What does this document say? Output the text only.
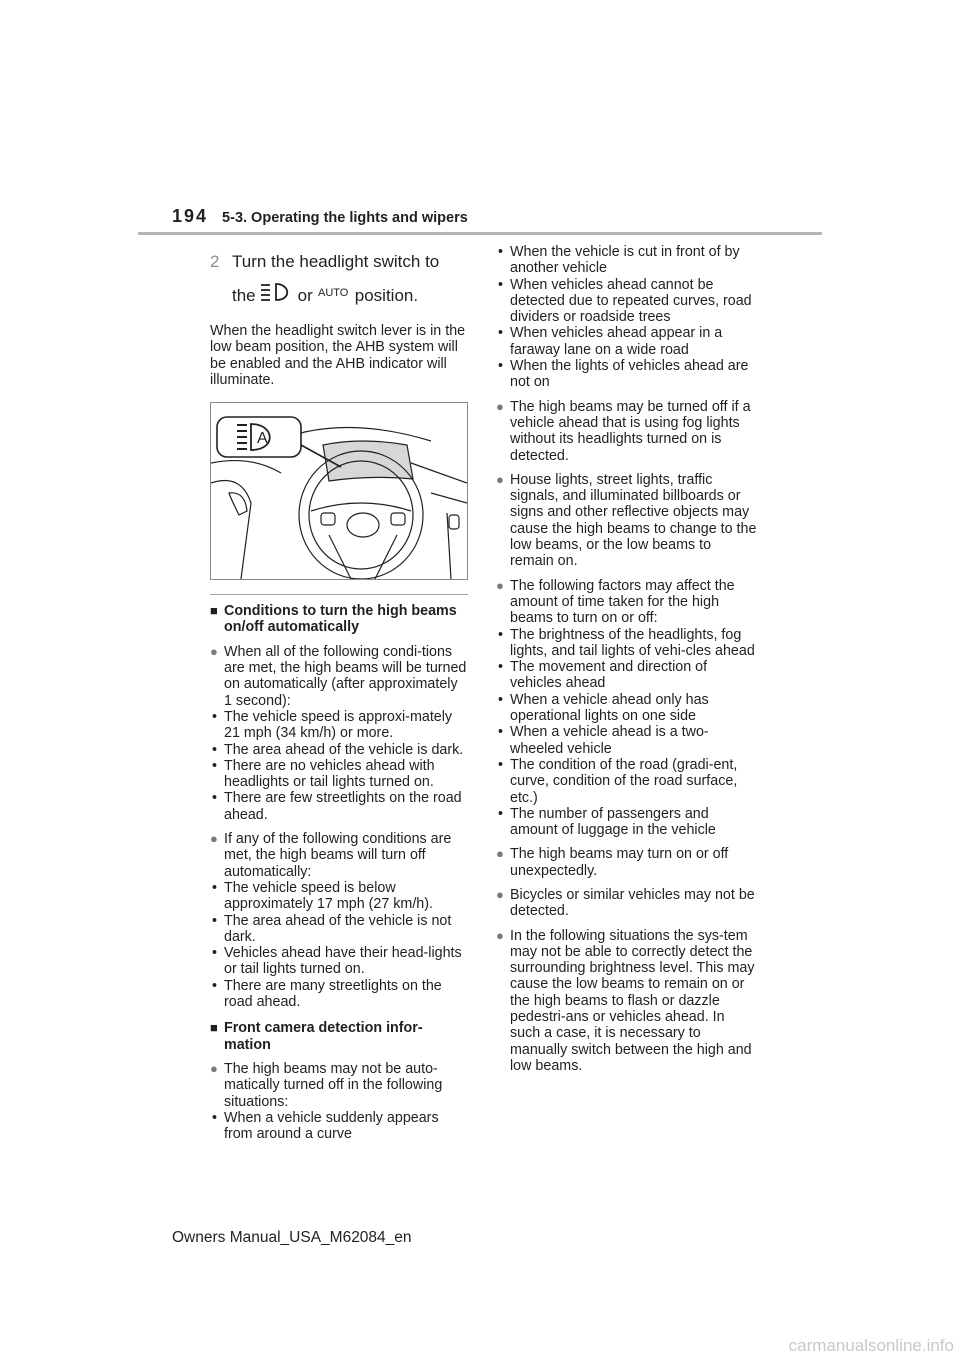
194 5-3. Operating the lights and wipers
2 Turn the headlight switch to
the or AUTO position.
When the headlight switch lever is in the low beam position, the AHB system will be enabled and the AHB indicator will illuminate.
A
■ Conditions to turn the high beams on/off automatically
● When all of the following condi-tions are met, the high beams will be turned on automatically (after approximately 1 second):
• The vehicle speed is approxi-mately 21 mph (34 km/h) or more.
• The area ahead of the vehicle is dark.
• There are no vehicles ahead with headlights or tail lights turned on.
• There are few streetlights on the road ahead.
● If any of the following conditions are met, the high beams will turn off automatically:
• The vehicle speed is below approximately 17 mph (27 km/h).
• The area ahead of the vehicle is not dark.
• Vehicles ahead have their head-lights or tail lights turned on.
• There are many streetlights on the road ahead.
■ Front camera detection infor-mation
● The high beams may not be auto-matically turned off in the following situations:
• When a vehicle suddenly appears from around a curve
• When the vehicle is cut in front of by another vehicle
• When vehicles ahead cannot be detected due to repeated curves, road dividers or roadside trees
• When vehicles ahead appear in a faraway lane on a wide road
• When the lights of vehicles ahead are not on
● The high beams may be turned off if a vehicle ahead that is using fog lights without its headlights turned on is detected.
● House lights, street lights, traffic signals, and illuminated billboards or signs and other reflective objects may cause the high beams to change to the low beams, or the low beams to remain on.
● The following factors may affect the amount of time taken for the high beams to turn on or off:
• The brightness of the headlights, fog lights, and tail lights of vehi-cles ahead
• The movement and direction of vehicles ahead
• When a vehicle ahead only has operational lights on one side
• When a vehicle ahead is a two-wheeled vehicle
• The condition of the road (gradi-ent, curve, condition of the road surface, etc.)
• The number of passengers and amount of luggage in the vehicle
● The high beams may turn on or off unexpectedly.
● Bicycles or similar vehicles may not be detected.
● In the following situations the sys-tem may not be able to correctly detect the surrounding brightness level. This may cause the low beams to remain on or the high beams to flash or dazzle pedestri-ans or vehicles ahead. In such a case, it is necessary to manually switch between the high and low beams.
Owners Manual_USA_M62084_en
carmanualsonline.info
